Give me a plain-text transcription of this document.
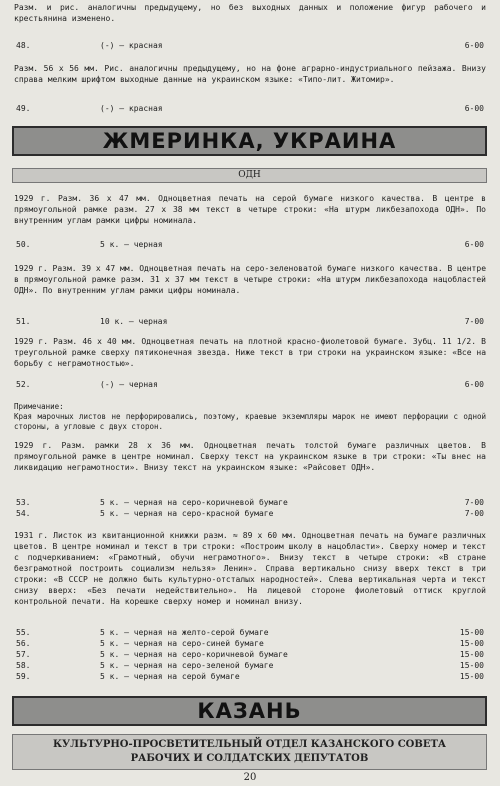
Разм. и рис. аналогичны предыдущему, но без выходных данных и положение фигур рабочего и крестьянина изменено.

48.	(-) – красная	6-00

Разм. 56 х 56 мм. Рис. аналогичны предыдущему, но на фоне аграрно-индустриального пейзажа. Внизу справа мелким шрифтом выходные данные на украинском языке: «Типо-лит. Житомир».

49.	(-) – красная	6-00
ЖМЕРИНКА, УКРАИНА
ОДН

1929 г. Разм. 36 х 47 мм. Одноцветная печать на серой бумаге низкого качества. В центре в прямоугольной рамке разм. 27 х 38 мм текст в четыре строки: «На штурм ликбезапохода ОДН». По внутренним углам рамки цифры номинала.

50.	5 к. – черная	6-00

1929 г. Разм. 39 х 47 мм. Одноцветная печать на серо-зеленоватой бумаге низкого качества. В центре в прямоугольной рамке разм. 31 х 37 мм текст в четыре строки: «На штурм ликбезапохода нацобластей ОДН». По внутренним углам рамки цифры номинала.

51.	10 к. – черная	7-00

1929 г. Разм. 46 х 40 мм. Одноцветная печать на плотной красно-фиолетовой бумаге. Зубц. 11 1/2. В треугольной рамке сверху пятиконечная звезда. Ниже текст в три строки на украинском языке: «Все на борьбу с неграмотностью».

52.	(-) – черная	6-00
Примечание:

Края марочных листов не перфорировались, поэтому, краевые экземпляры марок не имеют перфорации с одной стороны, а угловые с двух сторон.

1929 г. Разм. рамки 28 х 36 мм. Одноцветная печать толстой бумаге различных цветов. В прямоугольной рамке в центре номинал. Сверху текст на украинском языке в три строки: «Ты внес на ликвидацию неграмотности». Внизу текст на украинском языке: «Райсовет ОДН».

53.	5 к. – черная на серо-коричневой бумаге	7-00
54.	5 к. – черная на серо-красной бумаге	7-00

1931 г. Листок из квитанционной книжки разм. ≈ 89 х 60 мм. Одноцветная печать на бумаге различных цветов. В центре номинал и текст в три строки: «Построим школу в нацобласти». Сверху номер и текст с подчеркиванием: «Грамотный, обучи неграмотного». Внизу текст в четыре строки: «В стране безграмотной построить социализм нельзя» Ленин». Справа вертикально снизу вверх текст в три строки: «В СССР не должно быть культурно-отсталых народностей». Слева вертикальная черта и текст снизу вверх: «Без печати недействительно». На лицевой стороне фиолетовый оттиск круглой контрольной печати. На корешке сверху номер и номинал внизу.

55.	5 к. – черная на желто-серой бумаге	15-00
56.	5 к. – черная на серо-синей бумаге	15-00
57.	5 к. – черная на серо-коричневой бумаге	15-00
58.	5 к. – черная на серо-зеленой бумаге	15-00
59.	5 к. – черная на серой бумаге	15-00
КАЗАНЬ
КУЛЬТУРНО-ПРОСВЕТИТЕЛЬНЫЙ ОТДЕЛ КАЗАНСКОГО СОВЕТА РАБОЧИХ И СОЛДАТСКИХ ДЕПУТАТОВ
20
